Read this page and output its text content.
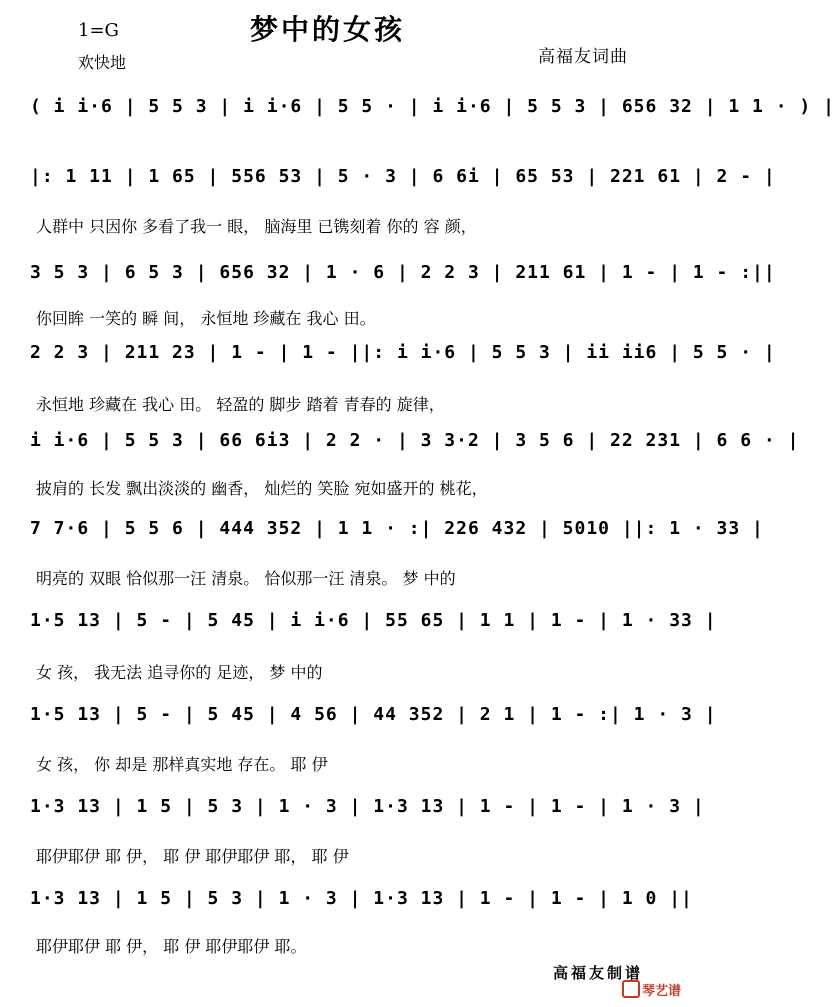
1=G
欢快地
梦中的女孩
高福友词曲
( i i·6 | 5 5 3 | i i·6 | 5 5 · | i i·6 | 5 5 3 | 656 32 | 1 1 · ) |
|: 1 11 | 1 65 | 556 53 | 5 · 3 | 6 6i | 65 53 | 221 61 | 2 - |
人群中 只因你 多看了我一 眼， 脑海里 已镌刻着 你的 容 颜，
3 5 3 | 6 5 3 | 656 32 | 1 · 6 | 2 2 3 | 211 61 | 1 - | 1 - :||
你回眸 一笑的 瞬 间， 永恒地 珍藏在 我心 田。
2 2 3 | 211 23 | 1 - | 1 - ||: i i·6 | 5 5 3 | ii ii6 | 5 5 · |
永恒地 珍藏在 我心 田。 轻盈的 脚步 踏着 青春的 旋律，
i i·6 | 5 5 3 | 66 6i3 | 2 2 · | 3 3·2 | 3 5 6 | 22 231 | 6 6 · |
披肩的 长发 飘出淡淡的 幽香， 灿烂的 笑脸 宛如盛开的 桃花，
7 7·6 | 5 5 6 | 444 352 | 1 1 · :| 226 432 | 5010 ||: 1 · 33 |
明亮的 双眼 恰似那一汪 清泉。 恰似那一汪 清泉。 梦 中的
1·5 13 | 5 - | 5 45 | i i·6 | 55 65 | 1 1 | 1 - | 1 · 33 |
女 孩， 我无法 追寻你的 足迹， 梦 中的
1·5 13 | 5 - | 5 45 | 4 56 | 44 352 | 2 1 | 1 - :| 1 · 3 |
女 孩， 你 却是 那样真实地 存在。 耶 伊
1·3 13 | 1 5 | 5 3 | 1 · 3 | 1·3 13 | 1 - | 1 - | 1 · 3 |
耶伊耶伊 耶 伊， 耶 伊 耶伊耶伊 耶， 耶 伊
1·3 13 | 1 5 | 5 3 | 1 · 3 | 1·3 13 | 1 - | 1 - | 1 0 ||
耶伊耶伊 耶 伊， 耶 伊 耶伊耶伊 耶。
高福友制谱
琴艺谱
